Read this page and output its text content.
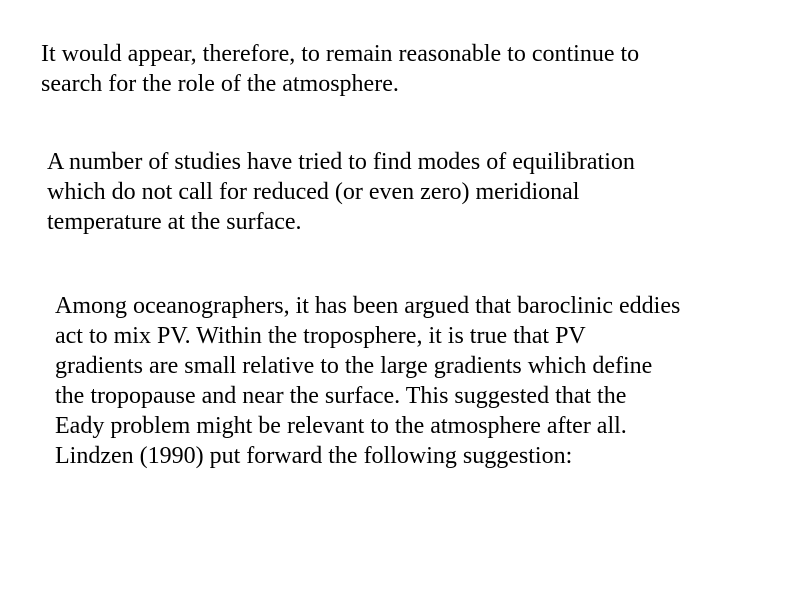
It would appear, therefore, to remain reasonable to continue to
search for the role of the atmosphere.
A number of studies have tried to find modes of equilibration
which do not call for reduced (or even zero) meridional
temperature at the surface.
Among oceanographers, it has been argued that baroclinic eddies
act to mix PV. Within the troposphere, it is true that PV
gradients are small relative to the large gradients which define
the tropopause and near the surface. This suggested that the
Eady problem might be relevant to the atmosphere after all.
Lindzen (1990) put forward the following suggestion:
